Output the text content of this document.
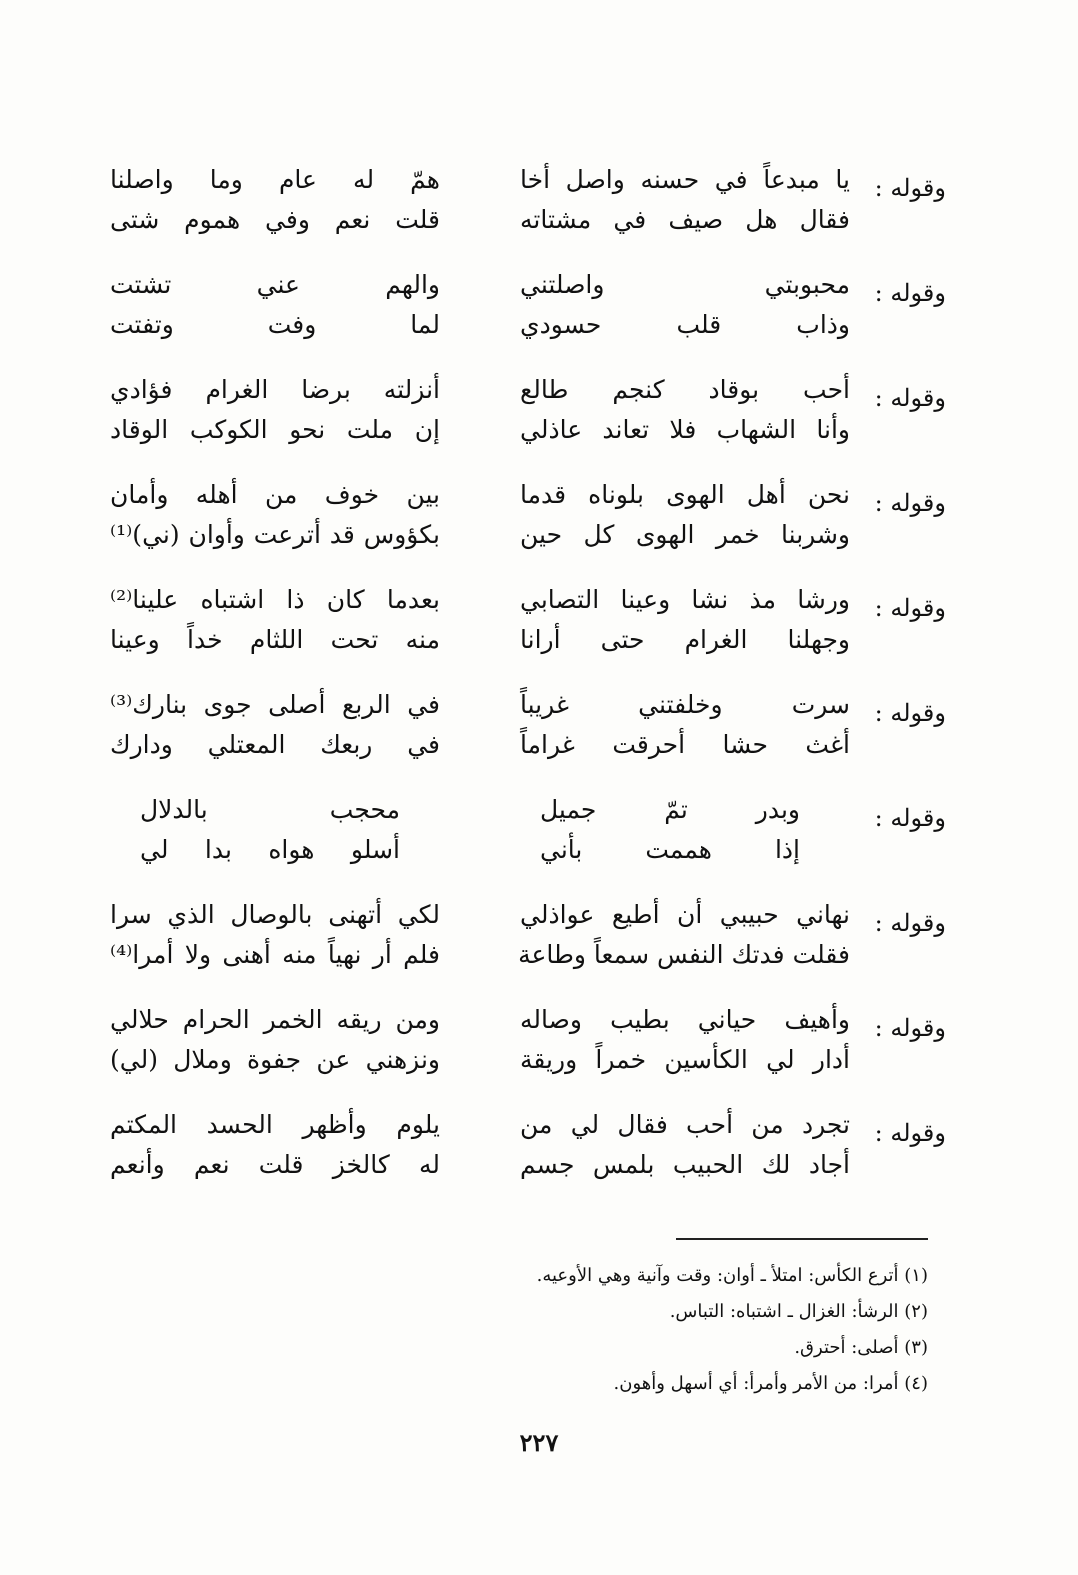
وقوله :
يا مبدعاً في حسنه واصل أخا
فقال هل صيف في مشتاته
همّ له عام وما واصلنا
قلت نعم وفي هموم شتى
وقوله :
محبوبتي واصلتني
وذاب قلب حسودي
والهم عني تشتت
لما وفت وتفتت
وقوله :
أحب بوقاد كنجم طالع
وأنا الشهاب فلا تعاند عاذلي
أنزلته برضا الغرام فؤادي
إن ملت نحو الكوكب الوقاد
وقوله :
نحن أهل الهوى بلوناه قدما
وشربنا خمر الهوى كل حين
بين خوف من أهله وأمان
بكؤوس قد أترعت وأوان (ني)⁽¹⁾
وقوله :
ورشا مذ نشا وعينا التصابي
وجهلنا الغرام حتى أرانا
بعدما كان ذا اشتباه علينا⁽²⁾
منه تحت اللثام خداً وعينا
وقوله :
سرت وخلفتني غريباً
أغث حشا أحرقت غراماً
في الربع أصلى جوى بنارك⁽³⁾
في ربعك المعتلي ودارك
وقوله :
وبدر تمّ جميل
إذا هممت بأني
محجب بالدلال
أسلو هواه بدا لي
وقوله :
نهاني حبيبي أن أطيع عواذلي
فقلت فدتك النفس سمعاً وطاعة
لكي أتهنى بالوصال الذي سرا
فلم أر نهياً منه أهنى ولا أمرا⁽⁴⁾
وقوله :
وأهيف حياني بطيب وصاله
أدار لي الكأسين خمراً وريقة
ومن ريقه الخمر الحرام حلالي
ونزهني عن جفوة وملال (لي)
وقوله :
تجرد من أحب فقال لي من
أجاد لك الحبيب بلمس جسم
يلوم وأظهر الحسد المكتم
له كالخز قلت نعم وأنعم
(١) أترع الكأس: امتلأ ـ أوان: وقت وآنية وهي الأوعيه.
(٢) الرشأ: الغزال ـ اشتباه: التباس.
(٣) أصلى: أحترق.
(٤) أمرا: من الأمر وأمرأ: أي أسهل وأهون.
٢٢٧
